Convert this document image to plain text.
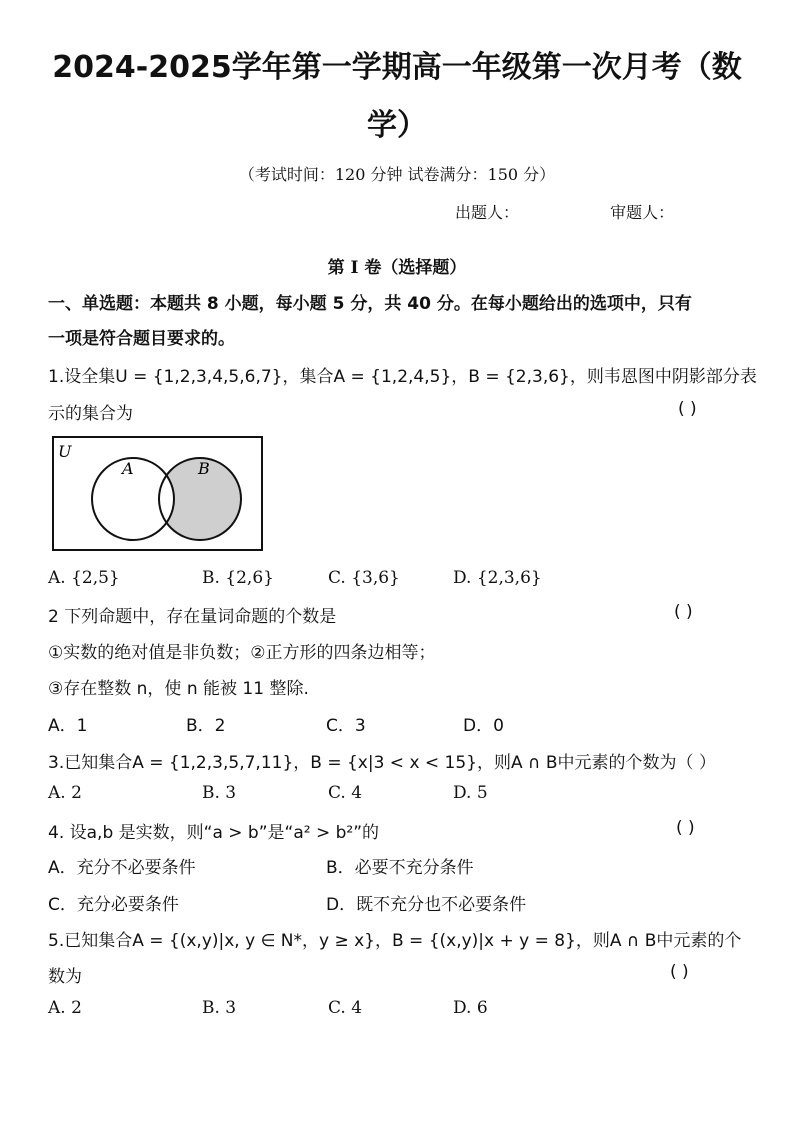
2024-2025学年第一学期高一年级第一次月考（数
学）
（考试时间：120 分钟 试卷满分：150 分）
出题人：	审题人：
第 I 卷（选择题）
一、单选题：本题共 8 小题，每小题 5 分，共 40 分。在每小题给出的选项中，只有
一项是符合题目要求的。
1.设全集U = {1,2,3,4,5,6,7}，集合A = {1,2,4,5}，B = {2,3,6}，则韦恩图中阴影部分表
示的集合为	( )
U
A	B
A. {2,5}	B. {2,6}	C. {3,6}	D. {2,3,6}
2 下列命题中，存在量词命题的个数是	( )
①实数的绝对值是非负数；②正方形的四条边相等；
③存在整数 n，使 n 能被 11 整除.
A．1	B．2	C．3	D．0
3.已知集合A = {1,2,3,5,7,11}，B = {x|3 < x < 15}，则A ∩ B中元素的个数为（ ）
A. 2	B. 3	C. 4	D. 5
4. 设a,b 是实数，则“a > b”是“a² > b²”的	( )
A．充分不必要条件	B．必要不充分条件
C．充分必要条件	D．既不充分也不必要条件
5.已知集合A = {(x,y)|x, y ∈ N*，y ≥ x}，B = {(x,y)|x + y = 8}，则A ∩ B中元素的个
数为	( )
A. 2	B. 3	C. 4	D. 6
